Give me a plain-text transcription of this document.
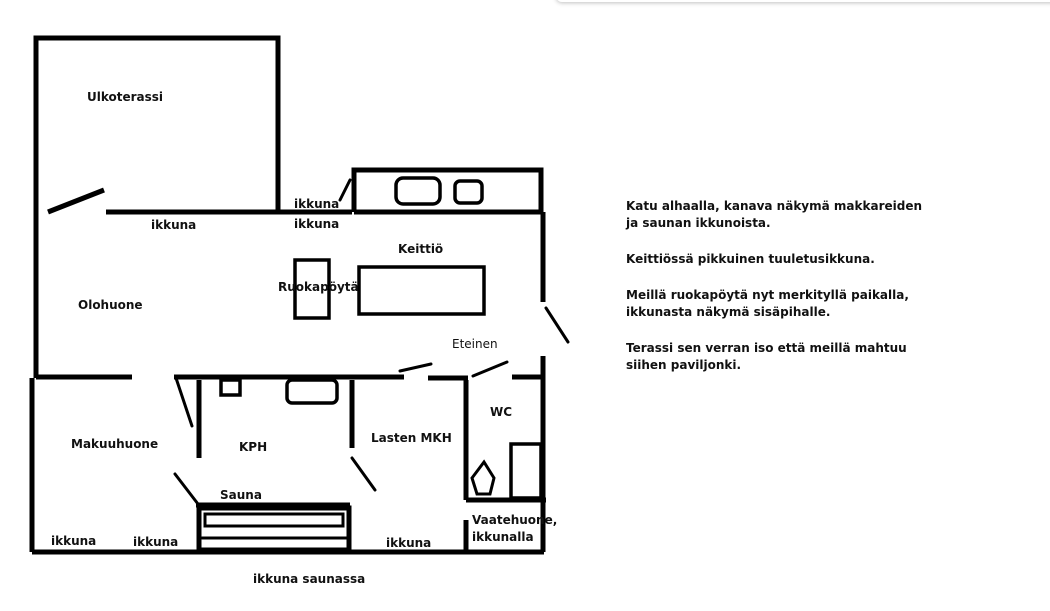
Ulkoterassi
Olohuone
Keittiö
Ruokapöytä
Eteinen
Makuuhuone	KPH
Sauna
Lasten MKH
WC
Vaatehuone,
ikkunalla
ikkuna
ikkuna
ikkuna
ikkuna	ikkuna	ikkuna
ikkuna saunassa

Katu alhaalla, kanava näkymä makkareiden
ja saunan ikkunoista.

Keittiössä pikkuinen tuuletusikkuna.

Meillä ruokapöytä nyt merkityllä paikalla,
ikkunasta näkymä sisäpihalle.

Terassi sen verran iso että meillä mahtuu
siihen paviljonki.
